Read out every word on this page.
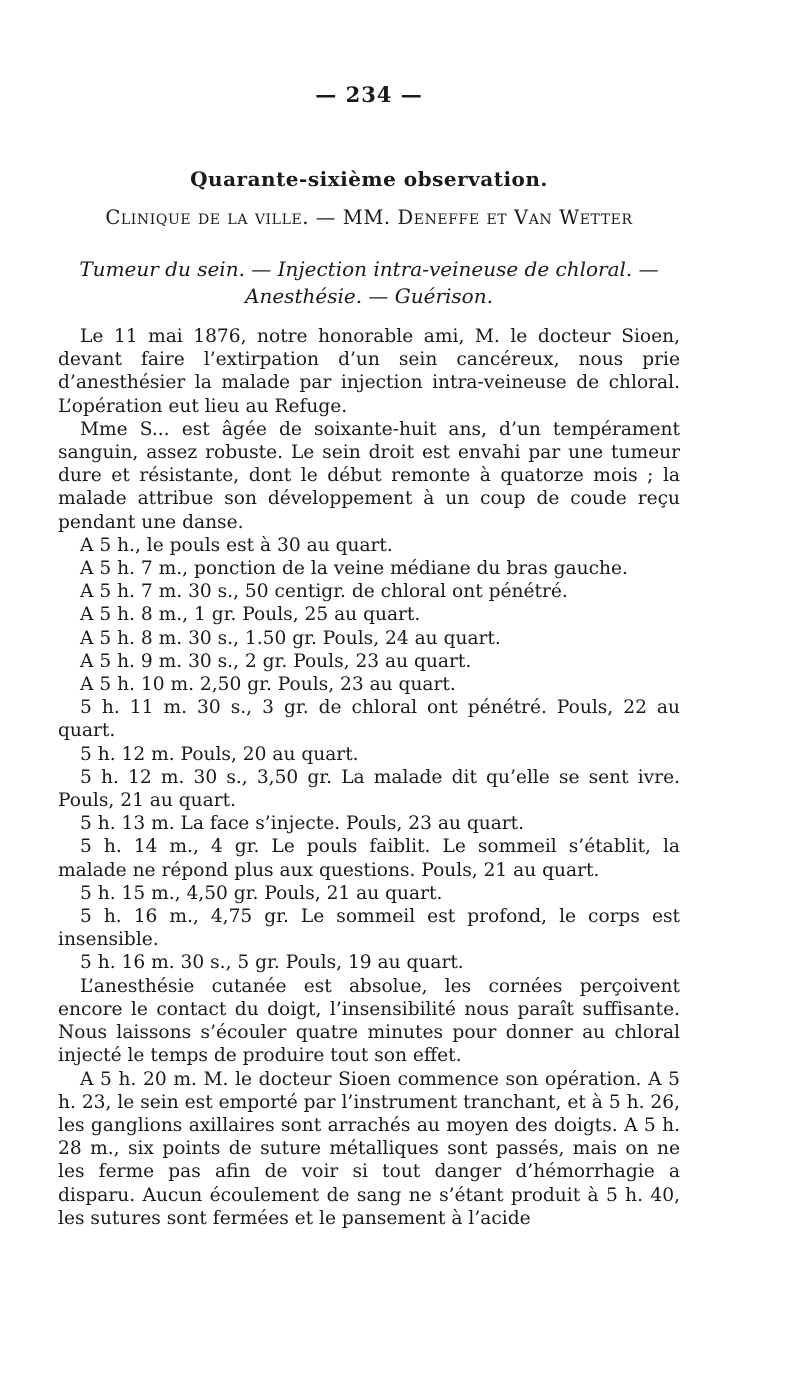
— 234 —
Quarante-sixième observation.
Clinique de la ville. — MM. Deneffe et Van Wetter
Tumeur du sein. — Injection intra-veineuse de chloral. —
Anesthésie. — Guérison.

Le 11 mai 1876, notre honorable ami, M. le docteur Sioen, devant faire l’extirpation d’un sein cancéreux, nous prie d’anesthésier la malade par injection intra-veineuse de chloral. L’opération eut lieu au Refuge.

Mme S... est âgée de soixante-huit ans, d’un tempérament sanguin, assez robuste. Le sein droit est envahi par une tumeur dure et résistante, dont le début remonte à quatorze mois ; la malade attribue son développement à un coup de coude reçu pendant une danse.

A 5 h., le pouls est à 30 au quart.

A 5 h. 7 m., ponction de la veine médiane du bras gauche.

A 5 h. 7 m. 30 s., 50 centigr. de chloral ont pénétré.

A 5 h. 8 m., 1 gr. Pouls, 25 au quart.

A 5 h. 8 m. 30 s., 1.50 gr. Pouls, 24 au quart.

A 5 h. 9 m. 30 s., 2 gr. Pouls, 23 au quart.

A 5 h. 10 m. 2,50 gr. Pouls, 23 au quart.

5 h. 11 m. 30 s., 3 gr. de chloral ont pénétré. Pouls, 22 au quart.

5 h. 12 m. Pouls, 20 au quart.

5 h. 12 m. 30 s., 3,50 gr. La malade dit qu’elle se sent ivre. Pouls, 21 au quart.

5 h. 13 m. La face s’injecte. Pouls, 23 au quart.

5 h. 14 m., 4 gr. Le pouls faiblit. Le sommeil s’établit, la malade ne répond plus aux questions. Pouls, 21 au quart.

5 h. 15 m., 4,50 gr. Pouls, 21 au quart.

5 h. 16 m., 4,75 gr. Le sommeil est profond, le corps est insensible.

5 h. 16 m. 30 s., 5 gr. Pouls, 19 au quart.

L’anesthésie cutanée est absolue, les cornées perçoivent encore le contact du doigt, l’insensibilité nous paraît suffisante. Nous laissons s’écouler quatre minutes pour donner au chloral injecté le temps de produire tout son effet.

A 5 h. 20 m. M. le docteur Sioen commence son opération. A 5 h. 23, le sein est emporté par l’instrument tranchant, et à 5 h. 26, les ganglions axillaires sont arrachés au moyen des doigts. A 5 h. 28 m., six points de suture métalliques sont passés, mais on ne les ferme pas afin de voir si tout danger d’hémorrhagie a disparu. Aucun écoulement de sang ne s’étant produit à 5 h. 40, les sutures sont fermées et le pansement à l’acide
